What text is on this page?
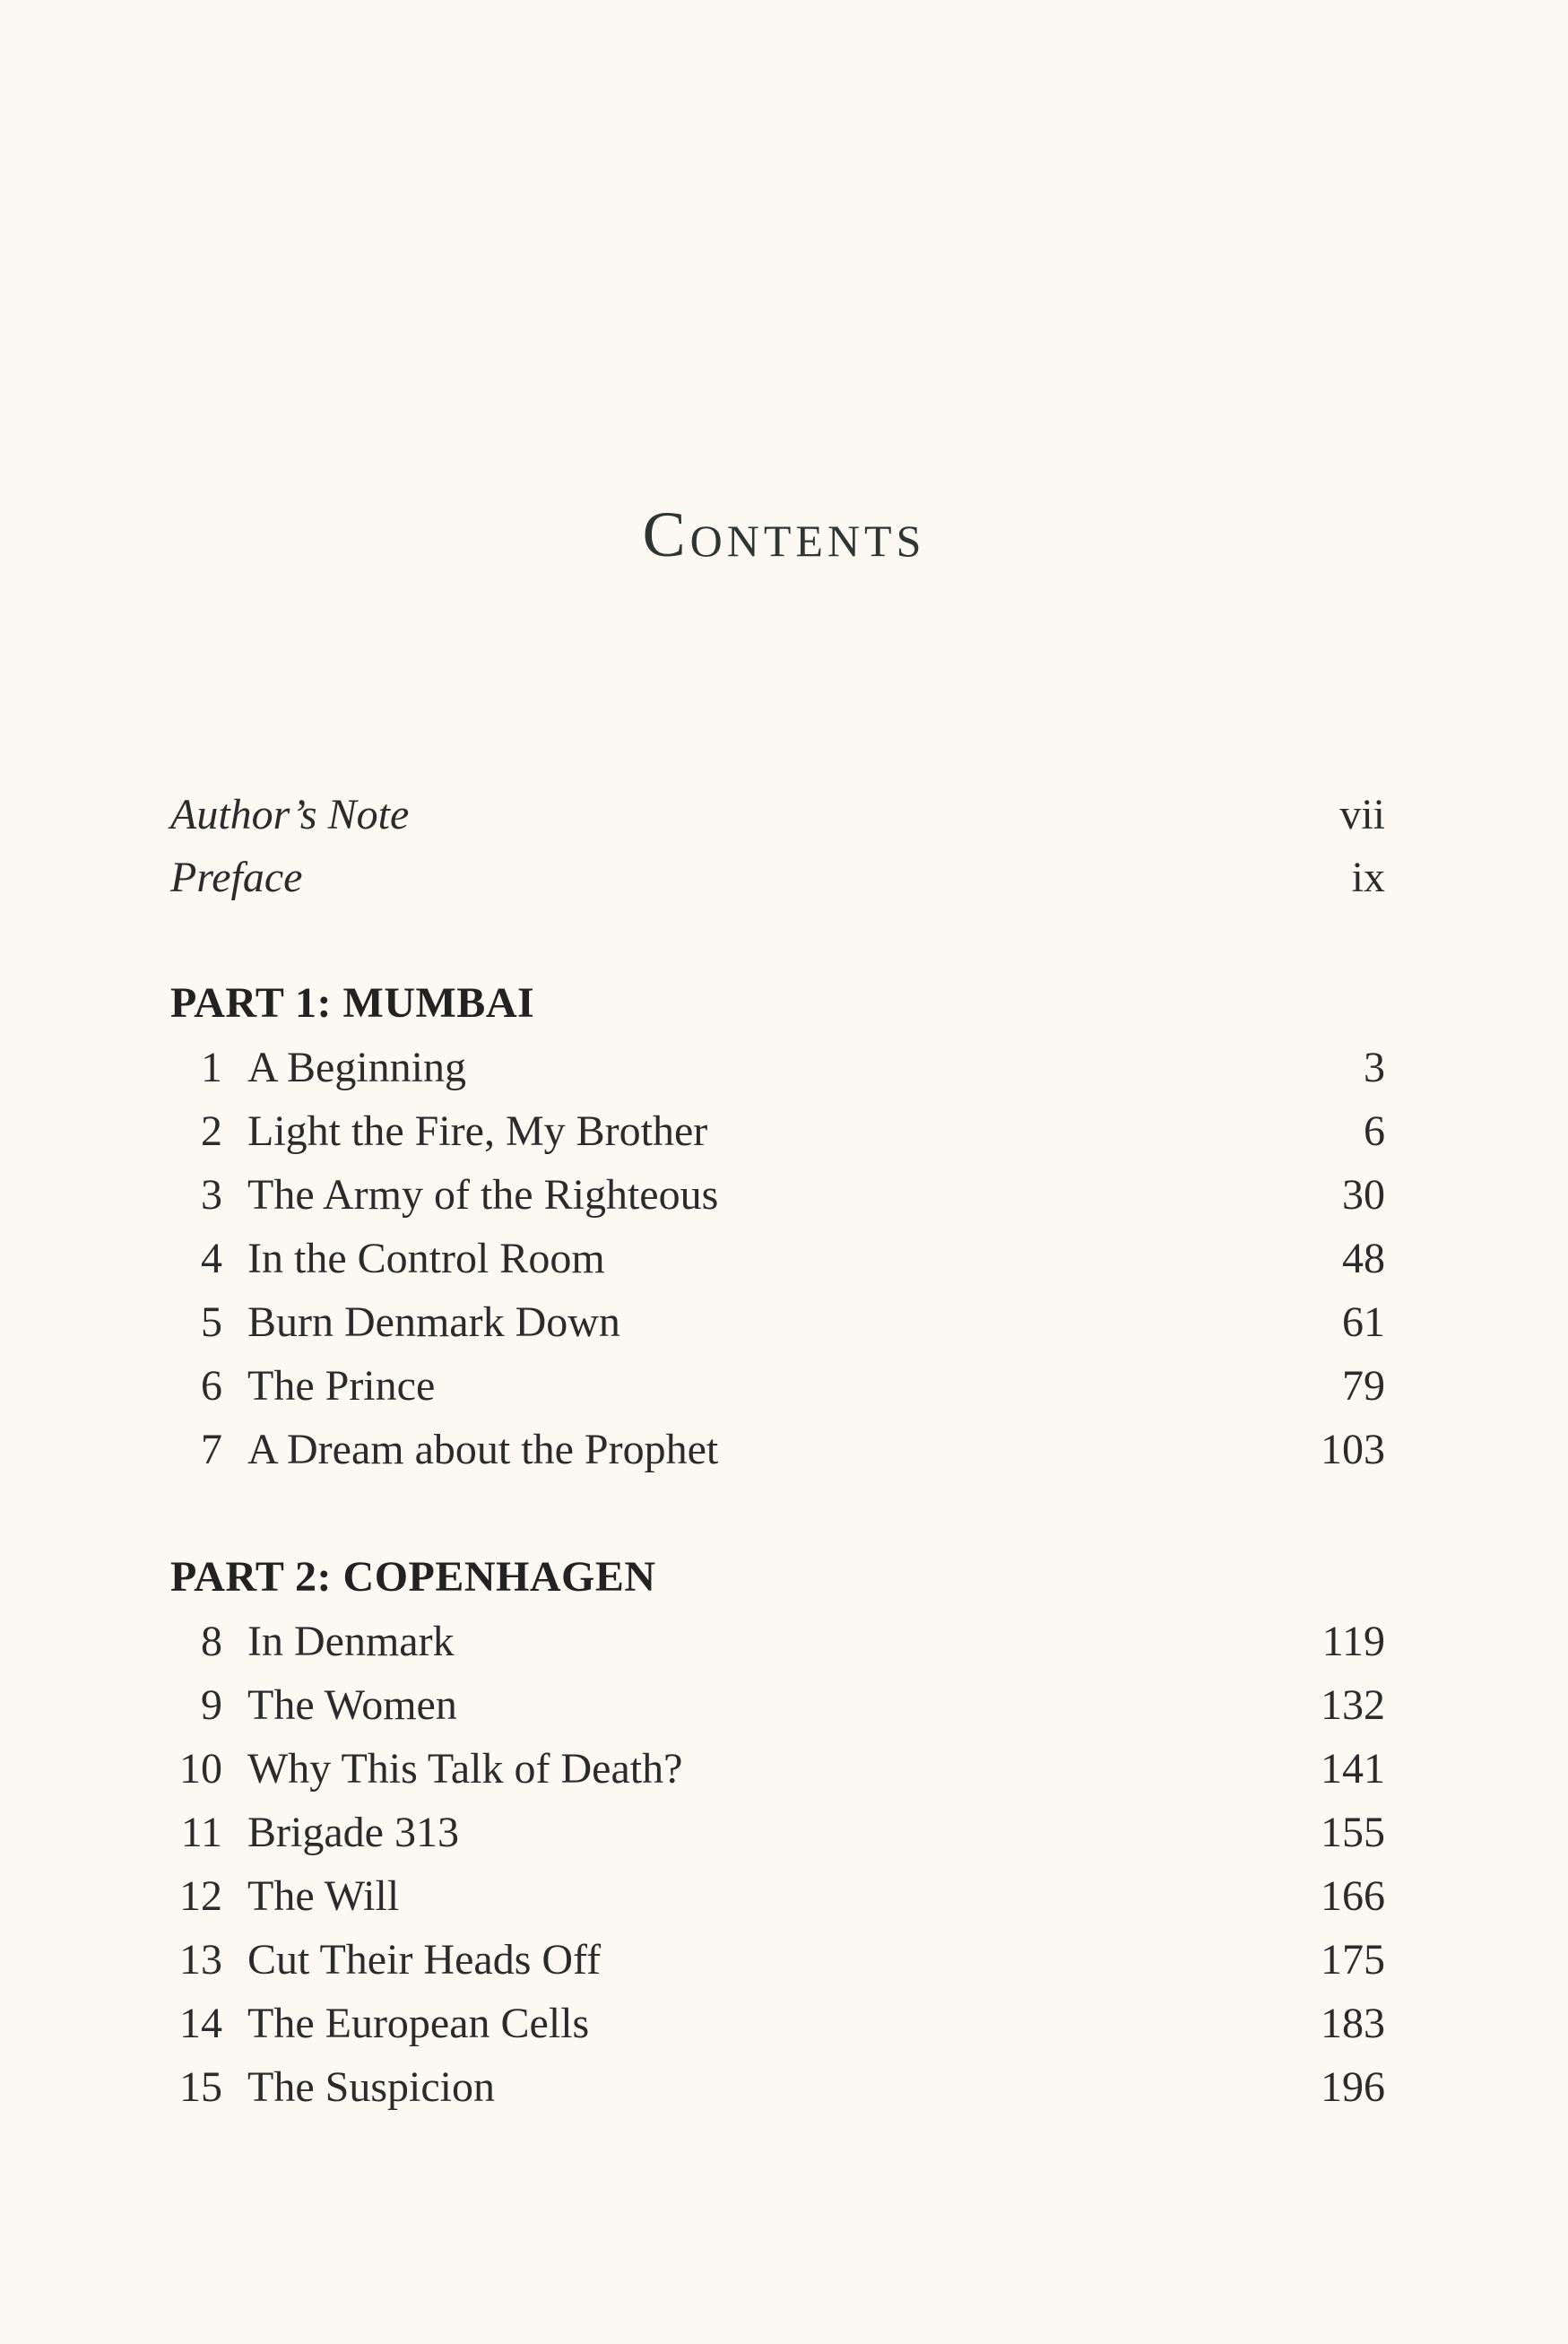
Contents
Author’s Note	vii
Preface	ix
PART 1: MUMBAI
1 A Beginning	3
2 Light the Fire, My Brother	6
3 The Army of the Righteous	30
4 In the Control Room	48
5 Burn Denmark Down	61
6 The Prince	79
7 A Dream about the Prophet	103
PART 2: COPENHAGEN
8 In Denmark	119
9 The Women	132
10 Why This Talk of Death?	141
11 Brigade 313	155
12 The Will	166
13 Cut Their Heads Off	175
14 The European Cells	183
15 The Suspicion	196
